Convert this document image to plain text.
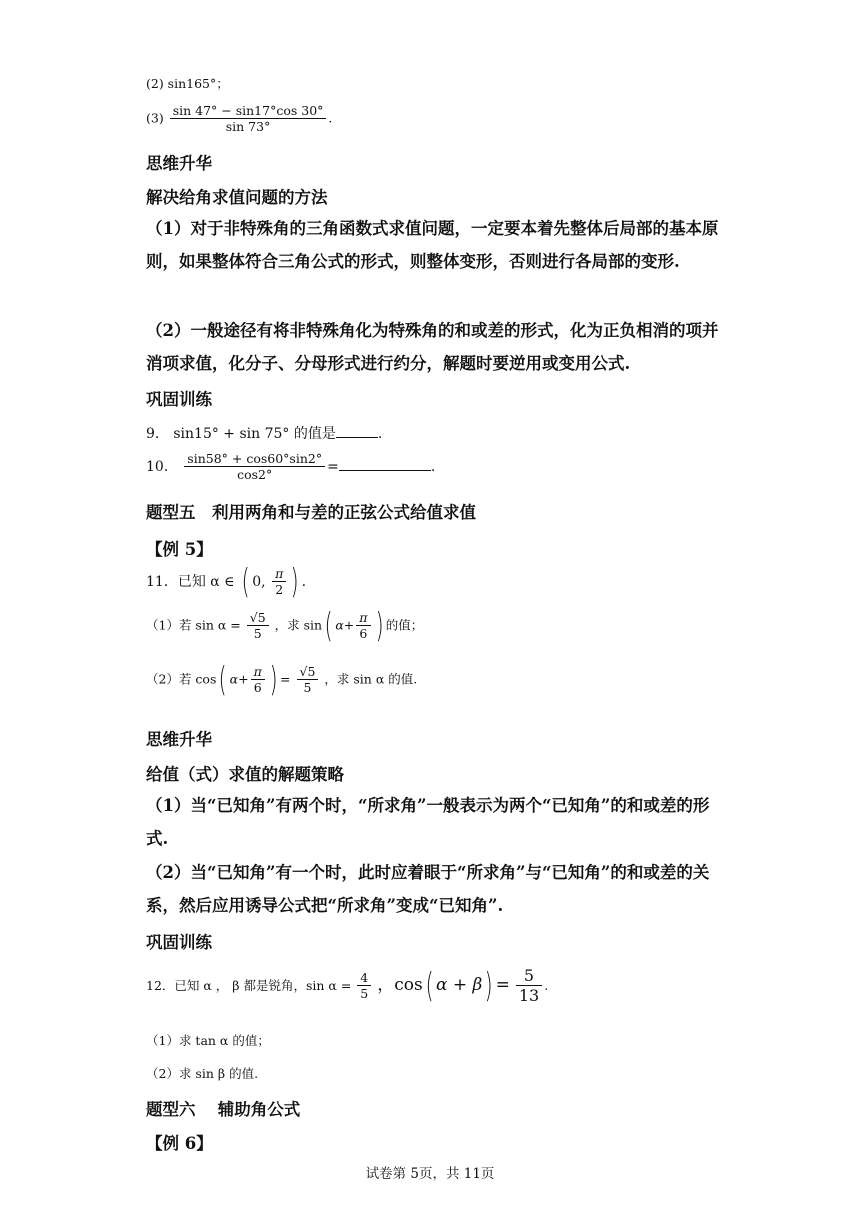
(2) sin165°；
$(3) \frac{\sin 47^\circ - \sin 17^\circ\cos 30^\circ}{\sin 73^\circ}$ .
思维升华
解决给角求值问题的方法
（1）对于非特殊角的三角函数式求值问题，一定要本着先整体后局部的基本原则，如果整体符合三角公式的形式，则整体变形，否则进行各局部的变形.
（2）一般途径有将非特殊角化为特殊角的和或差的形式，化为正负相消的项并消项求值，化分子、分母形式进行约分，解题时要逆用或变用公式.
巩固训练
9． sin15° + sin 75° 的值是	.
10． $\frac{\sin 58^\circ + \cos 60^\circ\sin 2^\circ}{\cos 2^\circ}$ =	.
题型五　利用两角和与差的正弦公式给值求值
【例 5】
11．已知 α ∈ ( 0, $\frac{\pi}{2}$ ) .
（1）若 $\sin \alpha = \frac{√5}{5}$ ，求 sin( $\alpha+ \frac{\pi}{6}$ ) 的值；
（2）若 cos( $\alpha+ \frac{\pi}{6}$ ) = $\frac{√5}{5}$ ，求 sin α 的值.
思维升华
给值（式）求值的解题策略
（1）当“已知角”有两个时，“所求角”一般表示为两个“已知角”的和或差的形式.
（2）当“已知角”有一个时，此时应着眼于“所求角”与“已知角”的和或差的关系，然后应用诱导公式把“所求角”变成“已知角”.
巩固训练
12．已知 α ， β 都是锐角，$\sin \alpha = \frac{4}{5}$ ，cos( $\alpha + \beta) = \frac{5}{13}$ .
（1）求 tan α 的值；
（2）求 sin β 的值.
题型六　 辅助角公式
【例 6】
试卷第 5页，共 11页
